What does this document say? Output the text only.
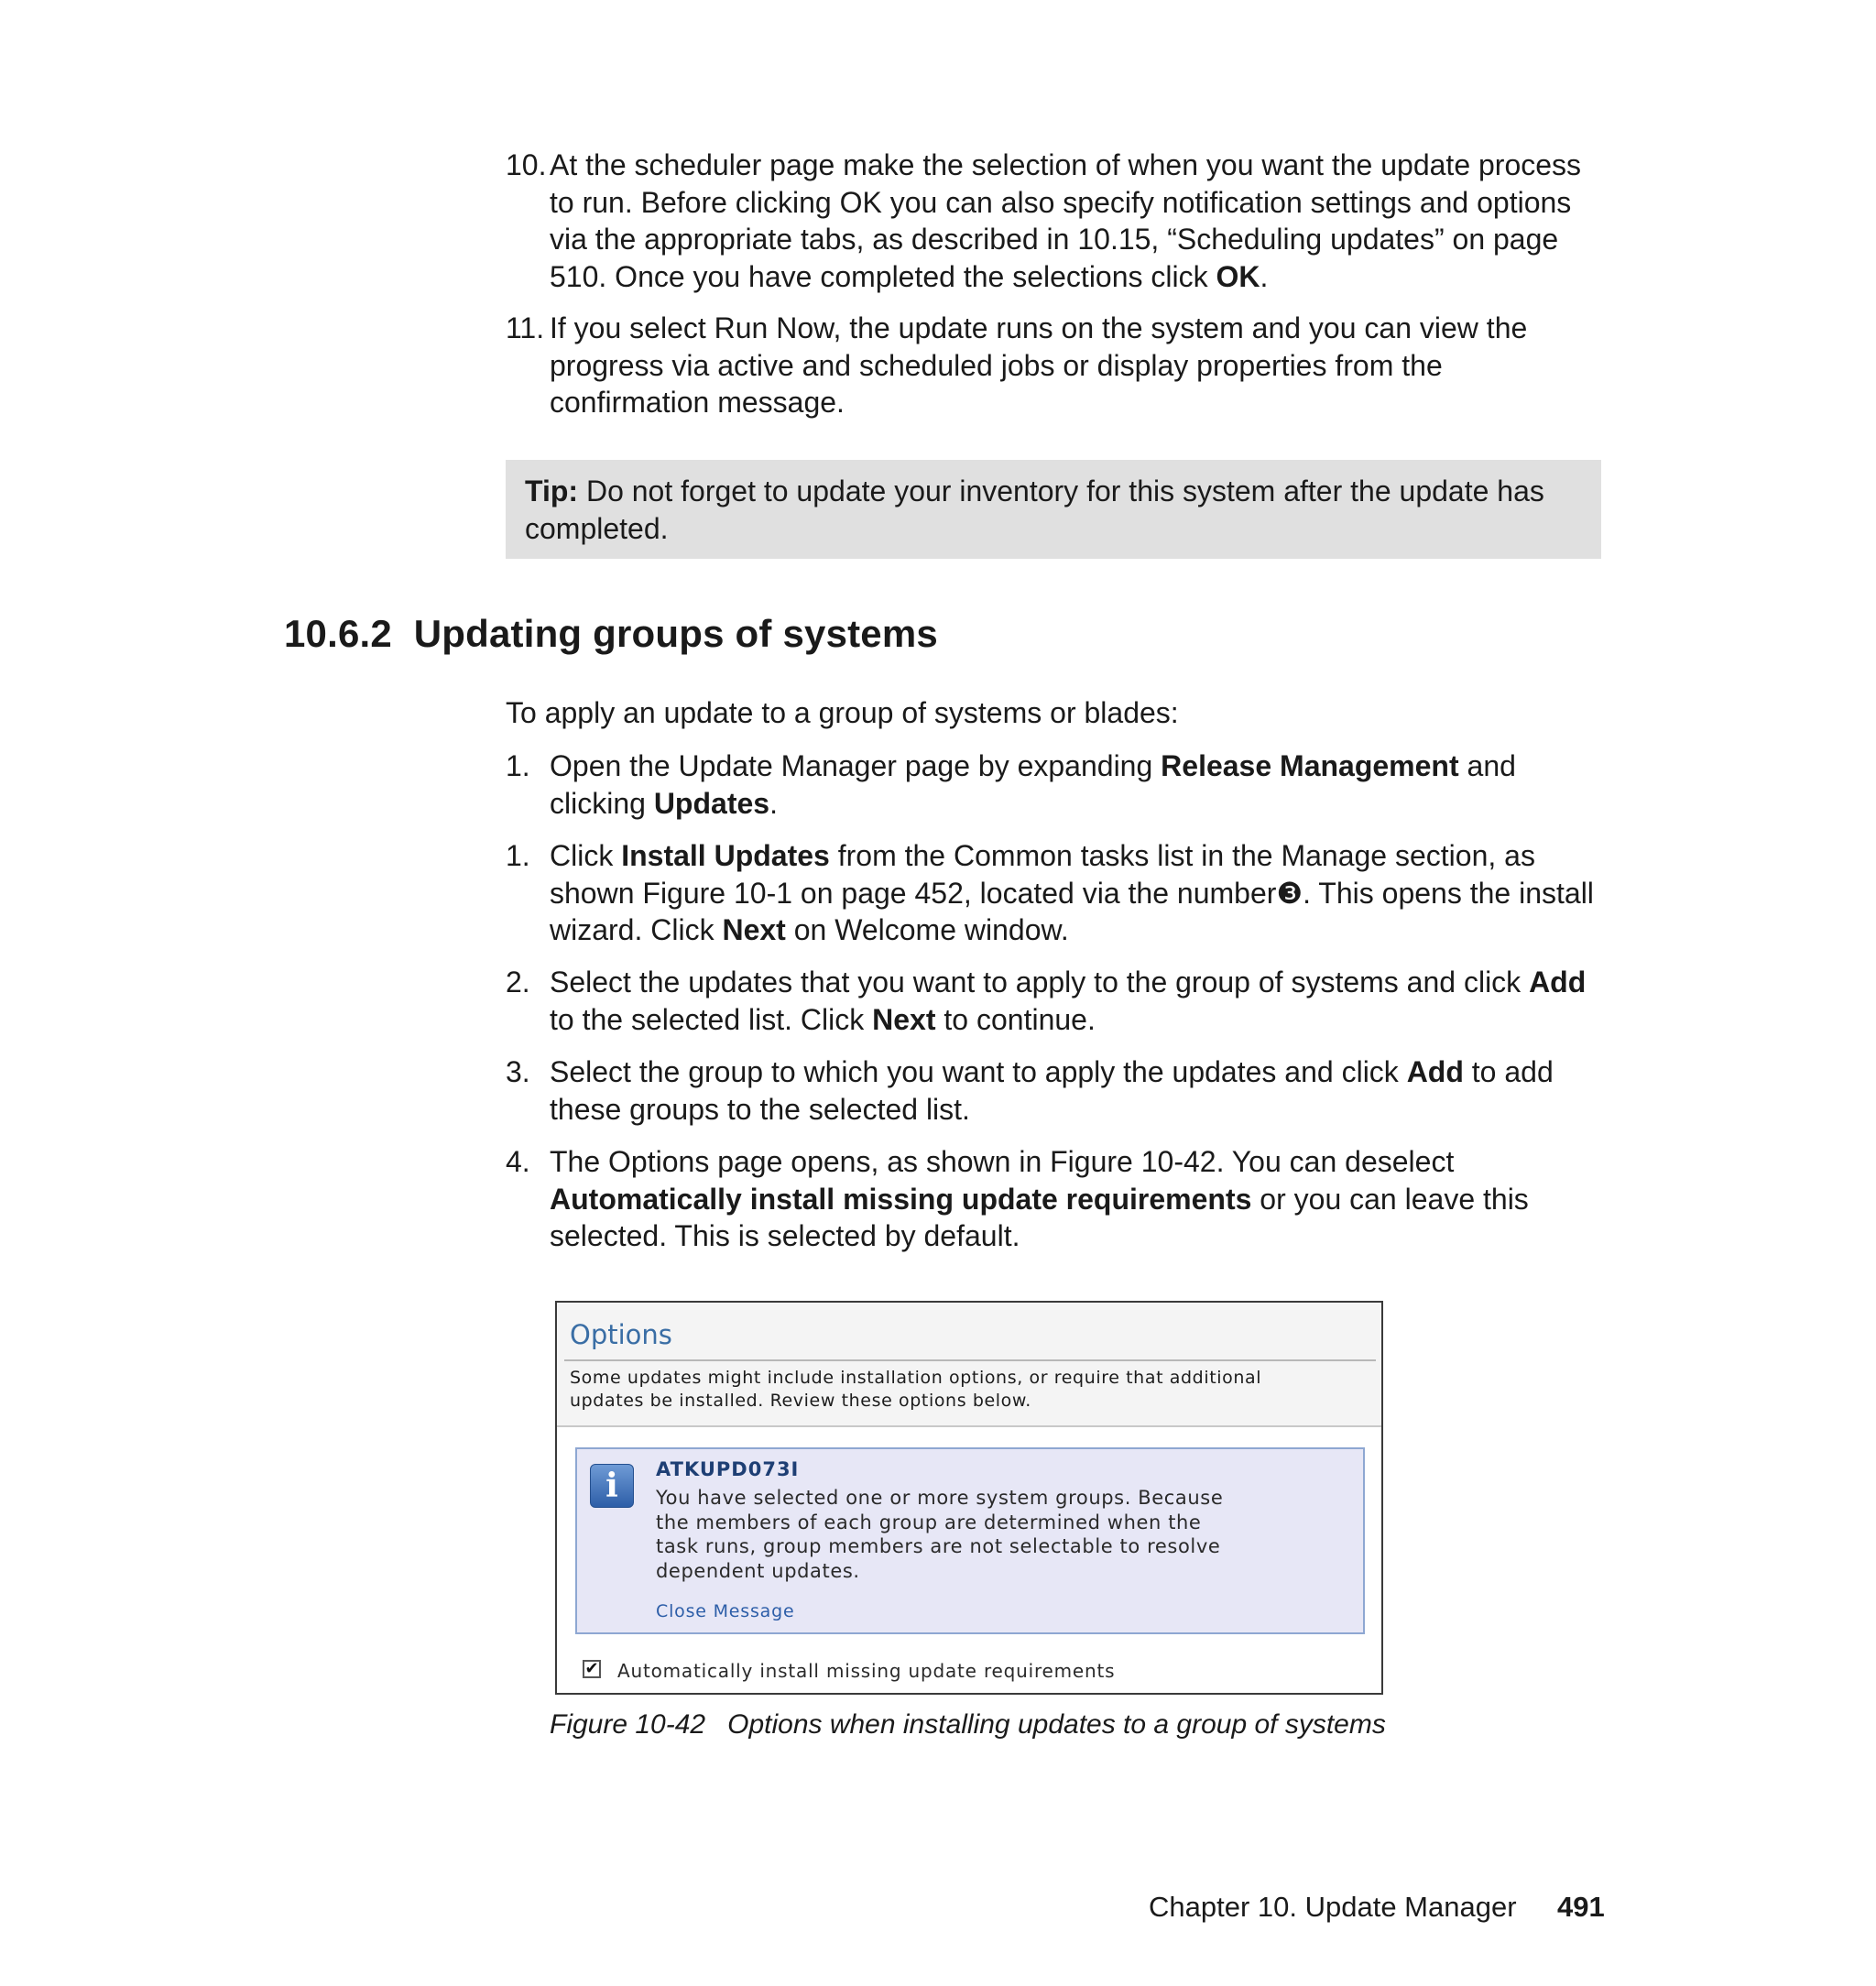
10. At the scheduler page make the selection of when you want the update process to run. Before clicking OK you can also specify notification settings and options via the appropriate tabs, as described in 10.15, “Scheduling updates” on page 510. Once you have completed the selections click OK.
11. If you select Run Now, the update runs on the system and you can view the progress via active and scheduled jobs or display properties from the confirmation message.
Tip: Do not forget to update your inventory for this system after the update has completed.
10.6.2  Updating groups of systems
To apply an update to a group of systems or blades:
1. Open the Update Manager page by expanding Release Management and clicking Updates.
1. Click Install Updates from the Common tasks list in the Manage section, as shown Figure 10-1 on page 452, located via the number❸. This opens the install wizard. Click Next on Welcome window.
2. Select the updates that you want to apply to the group of systems and click Add to the selected list. Click Next to continue.
3. Select the group to which you want to apply the updates and click Add to add these groups to the selected list.
4. The Options page opens, as shown in Figure 10-42. You can deselect Automatically install missing update requirements or you can leave this selected. This is selected by default.
Options
Some updates might include installation options, or require that additional
updates be installed. Review these options below.
i	ATKUPD073I
You have selected one or more system groups. Because
the members of each group are determined when the
task runs, group members are not selectable to resolve
dependent updates.
Close Message
✔ Automatically install missing update requirements
Figure 10-42 Options when installing updates to a group of systems
Chapter 10. Update Manager 491
